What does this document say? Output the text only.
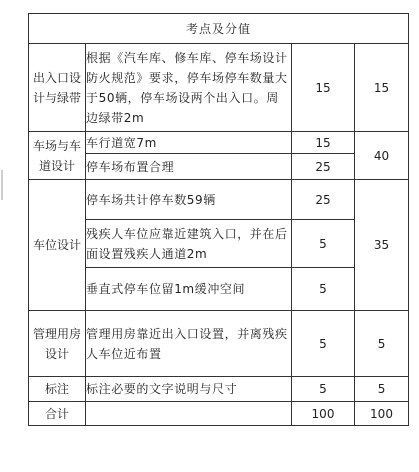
考点及分值			
出入口设计与绿带	根据《汽车库、修车库、停车场设计防火规范》要求，停车场停车数量大于50辆，停车场设两个出入口。周边绿带2m	15	15
车场与车道设计	车行道宽7m	15	40
	停车场布置合理	25	
车位设计	停车场共计停车数59辆	25	35
	残疾人车位应靠近建筑入口，并在后面设置残疾人通道2m	5	
	垂直式停车位留1m缓冲空间	5	
管理用房设计	管理用房靠近出入口设置，并离残疾人车位近布置	5	5
标注	标注必要的文字说明与尺寸	5	5
合计		100	100
